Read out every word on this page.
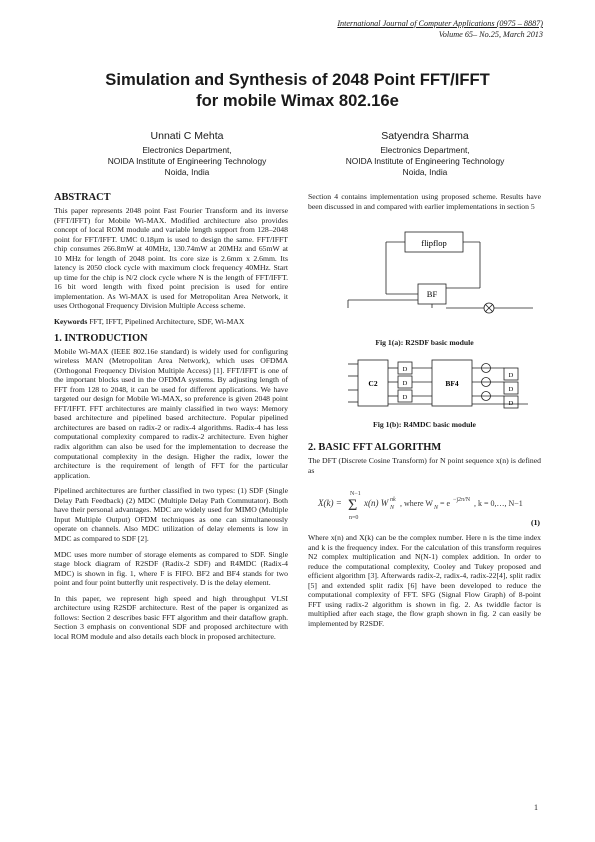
International Journal of Computer Applications (0975 – 8887)
Volume 65– No.25, March 2013
Simulation and Synthesis of 2048 Point FFT/IFFT
for mobile Wimax 802.16e
Unnati C Mehta
Electronics Department,
NOIDA Institute of Engineering Technology
Noida, India
Satyendra Sharma
Electronics Department,
NOIDA Institute of Engineering Technology
Noida, India
ABSTRACT

This paper represents 2048 point Fast Fourier Transform and its inverse (FFT/IFFT) for Mobile Wi-MAX. Modified architecture also provides concept of local ROM module and variable length support from 128–2048 point for FFT/IFFT. UMC 0.18µm is used to design the same. FFT/IFFT chip consumes 266.8mW at 40MHz, 130.74mW at 20MHz and 65mW at 10 MHz for length of 2048 point. Its core size is 2.6mm x 2.6mm. Its latency is 2050 clock cycle with maximum clock frequency 40MHz. Start up time for the chip is N/2 clock cycle where N is the length of FFT/IFFT. 16 bit word length with fixed point precision is used for entire implementation. As Wi-MAX is used for Metropolitan Area Network, it uses Orthogonal Frequency Division Multiple Access scheme.

Keywords FFT, IFFT, Pipelined Architecture, SDF, Wi-MAX

1. INTRODUCTION

Mobile Wi-MAX (IEEE 802.16e standard) is widely used for configuring wireless MAN (Metropolitan Area Network), which uses OFDMA (Orthogonal Frequency Division Multiple Access) [1]. FFT/IFFT is one of the important blocks used in the OFDMA systems. By adjusting length of FFT from 128 to 2048, it can be used for different applications. We have targeted our design for Mobile Wi-MAX, so preference is given 2048 point FFT/IFFT. FFT architectures are mainly classified in two ways: Memory based architecture and pipelined based architecture. Popular pipelined architectures are based on radix-2 or radix-4 algorithms. Radix-4 has less computational complexity compared to radix-2 architecture. Even higher radix algorithm can also be used for the implementation to decrease the computational complexity in the design. Higher the radix, lower the architecture is the requirement of length of FFT for the particular application.

Pipelined architectures are further classified in two types: (1) SDF (Single Delay Path Feedback) (2) MDC (Multiple Delay Path Commutator). Both have their personal advantages. MDC are widely used for MIMO (Multiple Input Multiple Output) OFDM techniques as one can simultaneously operate on channels. Also MDC utilization of delay elements is low in MDC as compared to SDF [2].

MDC uses more number of storage elements as compared to SDF. Single stage block diagram of R2SDF (Radix-2 SDF) and R4MDC (Radix-4 MDC) is shown in fig. 1, where F is FIFO. BF2 and BF4 stands for two point and four point butterfly unit respectively. D is the delay element.

In this paper, we represent high speed and high throughput VLSI architecture using R2SDF architecture. Rest of the paper is organized as follows: Section 2 describes basic FFT algorithm and their dataflow graph. Section 3 emphasis on conventional SDF and proposed architecture with local ROM module and also details each block in proposed architecture.

Section 4 contains implementation using proposed scheme. Results have been discussed in and compared with earlier implementations in section 5

flipflop
BF
Fig 1(a): R2SDF basic module
C2	BF4
D
D
D
D
D
D
Fig 1(b): R4MDC basic module
2. BASIC FFT ALGORITHM

The DFT (Discrete Cosine Transform) for N point sequence x(n) is defined as

X(k) =
N−1
Σ
n=0
x(n) W nk
N , where W N = e −j2π/N , k = 0,…, N−1
(1)

Where x(n) and X(k) can be the complex number. Here n is the time index and k is the frequency index. For the calculation of this transform requires N2 complex multiplication and N(N-1) complex addition. In order to reduce the computational complexity, Cooley and Tukey proposed and efficient algorithm [3]. Afterwards radix-2, radix-4, radix-22[4], split radix [5] and extended split radix [6] have been developed to reduce the computational complexity of FFT. SFG (Signal Flow Graph) of 8-point FFT using radix-2 algorithm is shown in fig. 2. As twiddle factor is multiplied after each stage, the flow graph shown in fig. 2 can easily be implemented by R2SDF.

1
